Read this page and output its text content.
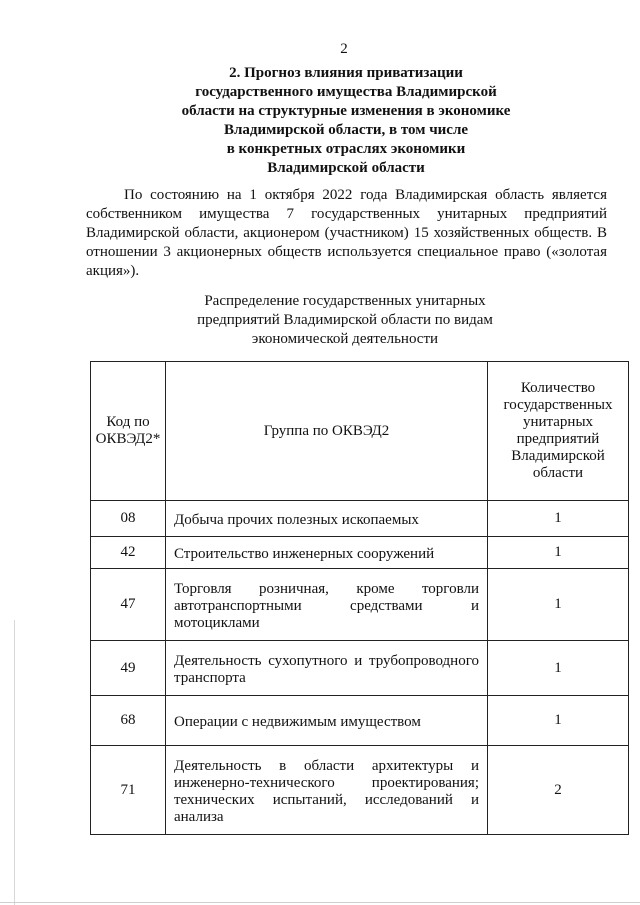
2
2. Прогноз влияния приватизации
государственного имущества Владимирской
области на структурные изменения в экономике
Владимирской области, в том числе
в конкретных отраслях экономики
Владимирской области
По состоянию на 1 октября 2022 года Владимирская область является собственником имущества 7 государственных унитарных предприятий Владимирской области, акционером (участником) 15 хозяйственных обществ. В отношении 3 акционерных обществ используется специальное право («золотая акция»).
Распределение государственных унитарных
предприятий Владимирской области по видам
экономической деятельности
Код по ОКВЭД2*	Группа по ОКВЭД2	Количество государственных унитарных предприятий Владимирской области

08	Добыча прочих полезных ископаемых	1
42	Строительство инженерных сооружений	1
47	Торговля розничная, кроме торговли автотранспортными средствами и мотоциклами	1
49	Деятельность сухопутного и трубопроводного транспорта	1
68	Операции с недвижимым имуществом	1
71	Деятельность в области архитектуры и инженерно-технического проектирования; технических испытаний, исследований и анализа	2
